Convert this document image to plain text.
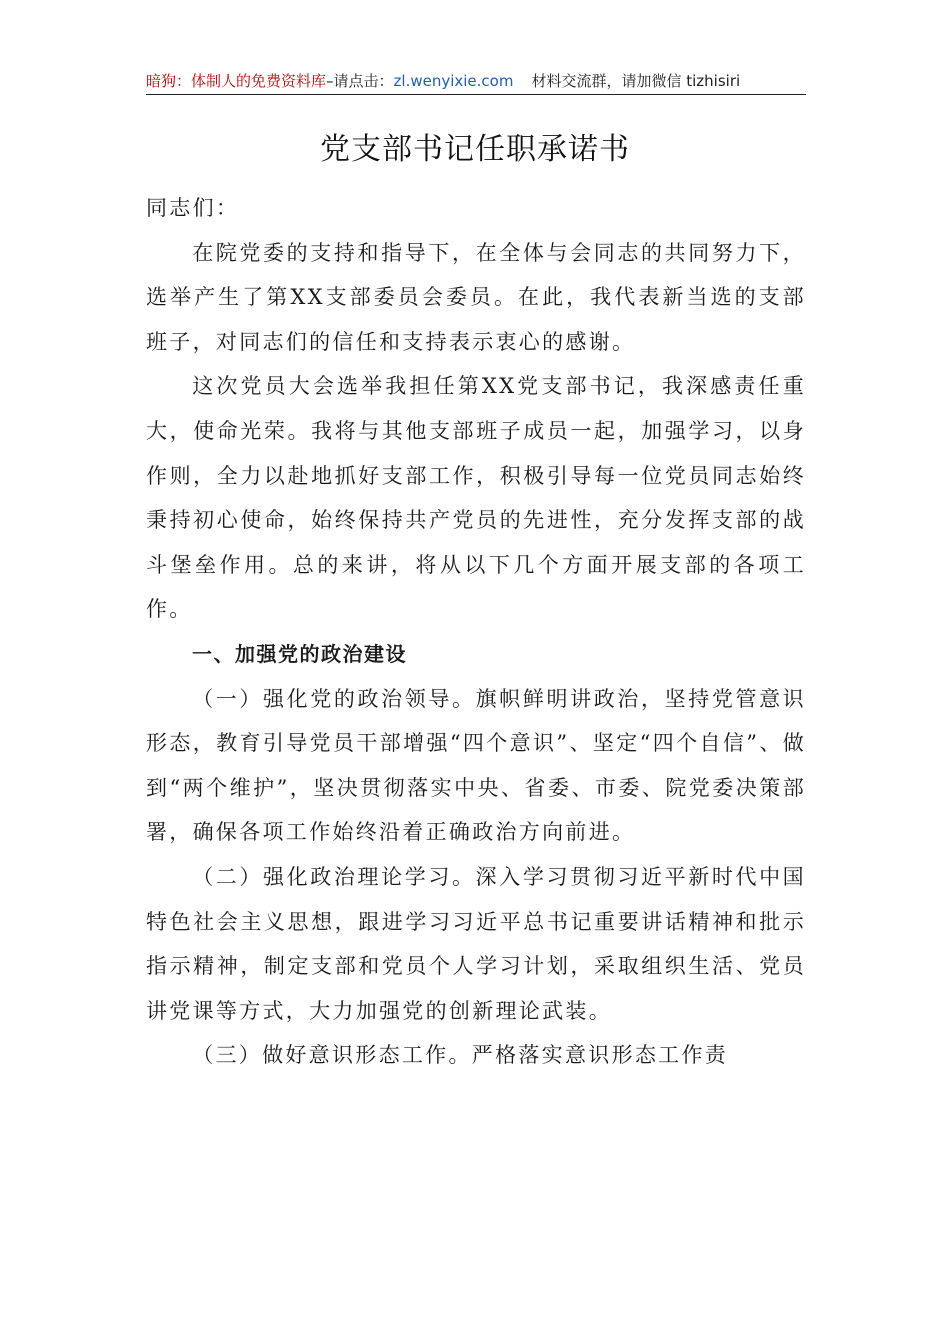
暗狗：体制人的免费资料库–请点击：zl.wenyixie.com 材料交流群，请加微信 tizhisiri
党支部书记任职承诺书

同志们：

在院党委的支持和指导下，在全体与会同志的共同努力下，选举产生了第XX支部委员会委员。在此，我代表新当选的支部班子，对同志们的信任和支持表示衷心的感谢。

这次党员大会选举我担任第XX党支部书记，我深感责任重大，使命光荣。我将与其他支部班子成员一起，加强学习，以身作则，全力以赴地抓好支部工作，积极引导每一位党员同志始终秉持初心使命，始终保持共产党员的先进性，充分发挥支部的战斗堡垒作用。总的来讲，将从以下几个方面开展支部的各项工作。

一、加强党的政治建设

（一）强化党的政治领导。旗帜鲜明讲政治，坚持党管意识形态，教育引导党员干部增强“四个意识”、坚定“四个自信”、做到“两个维护”，坚决贯彻落实中央、省委、市委、院党委决策部署，确保各项工作始终沿着正确政治方向前进。

（二）强化政治理论学习。深入学习贯彻习近平新时代中国特色社会主义思想，跟进学习习近平总书记重要讲话精神和批示指示精神，制定支部和党员个人学习计划，采取组织生活、党员讲党课等方式，大力加强党的创新理论武装。

（三）做好意识形态工作。严格落实意识形态工作责
